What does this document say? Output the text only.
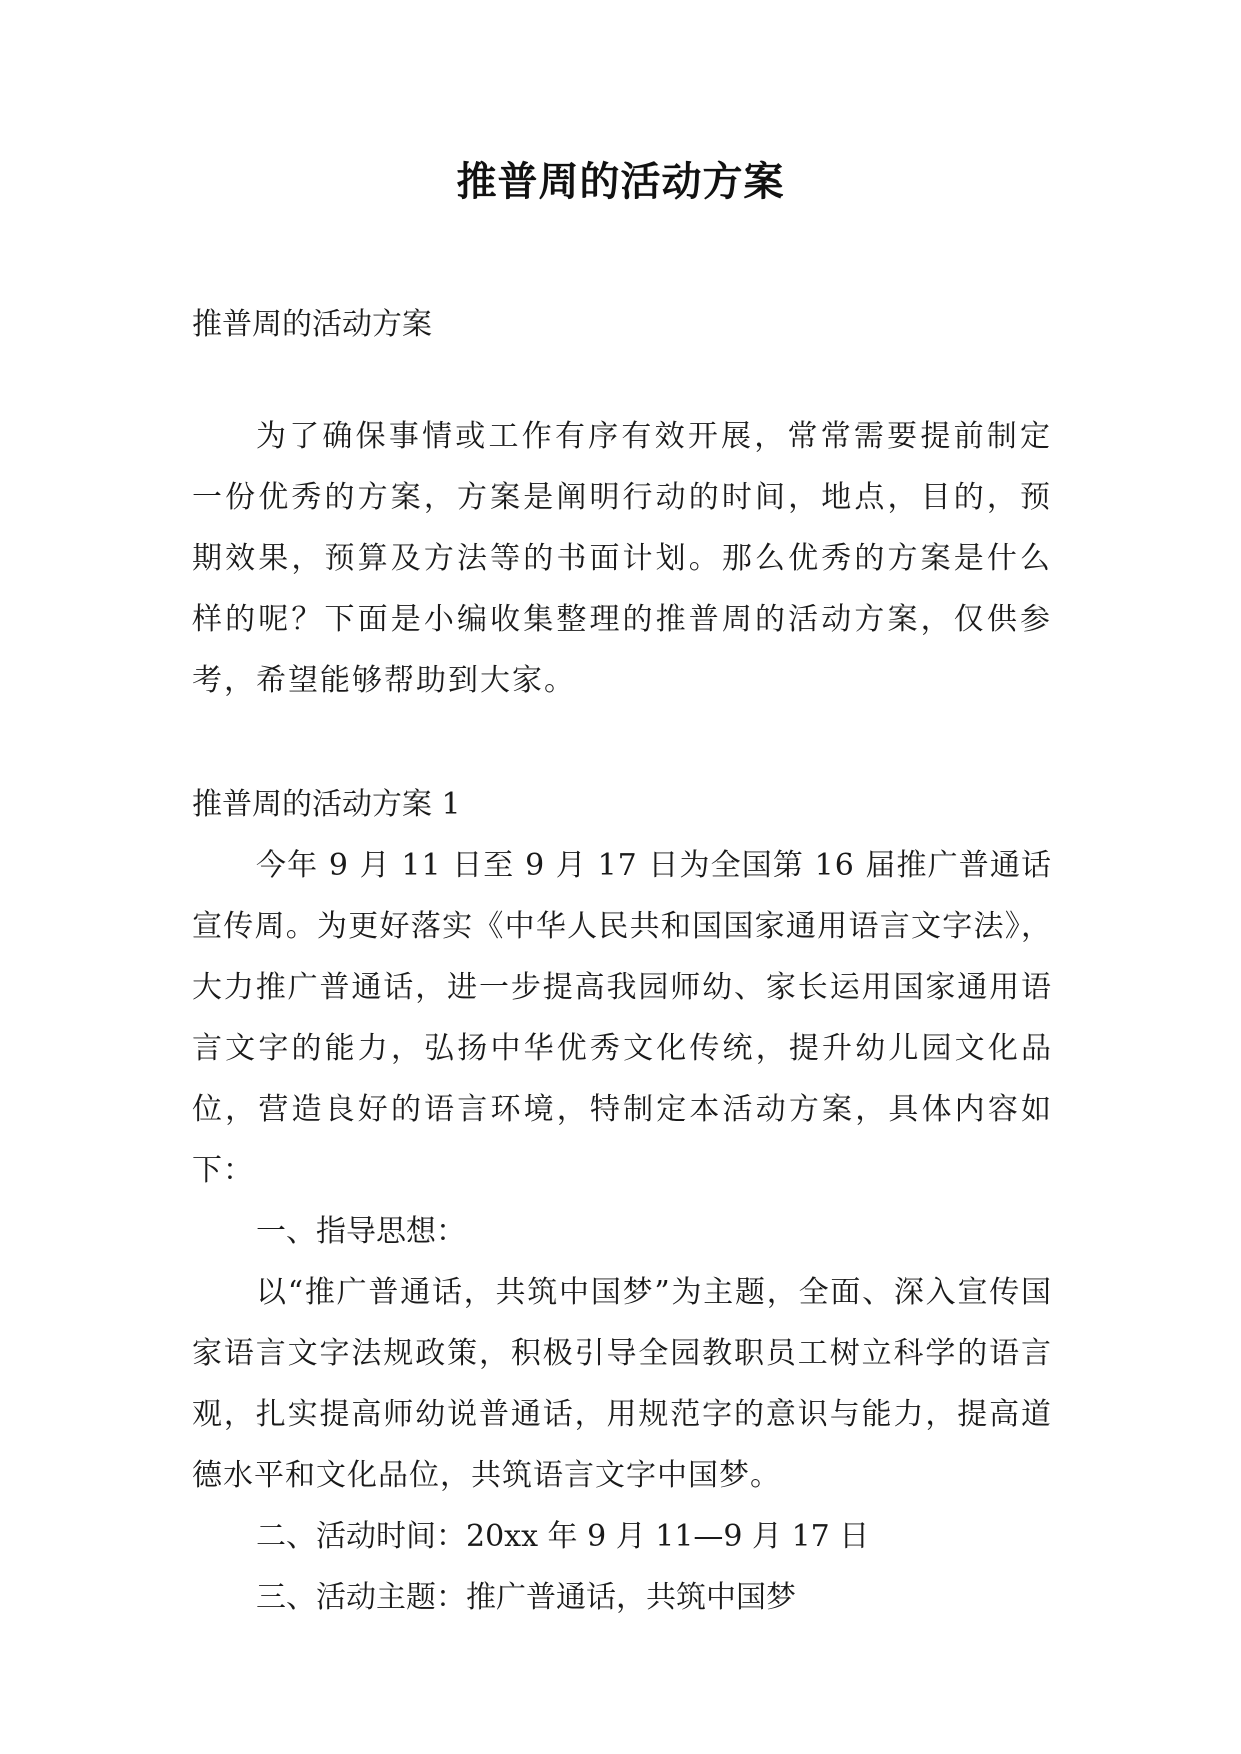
推普周的活动方案

推普周的活动方案

为了确保事情或工作有序有效开展，常常需要提前制定一份优秀的方案，方案是阐明行动的时间，地点，目的，预期效果，预算及方法等的书面计划。那么优秀的方案是什么样的呢？下面是小编收集整理的推普周的活动方案，仅供参考，希望能够帮助到大家。

推普周的活动方案 1

今年 9 月 11 日至 9 月 17 日为全国第 16 届推广普通话宣传周。为更好落实《中华人民共和国国家通用语言文字法》，大力推广普通话，进一步提高我园师幼、家长运用国家通用语言文字的能力，弘扬中华优秀文化传统，提升幼儿园文化品位，营造良好的语言环境，特制定本活动方案，具体内容如下：

一、指导思想：

以“推广普通话，共筑中国梦”为主题，全面、深入宣传国家语言文字法规政策，积极引导全园教职员工树立科学的语言观，扎实提高师幼说普通话，用规范字的意识与能力，提高道德水平和文化品位，共筑语言文字中国梦。

二、活动时间：20xx 年 9 月 11—9 月 17 日

三、活动主题：推广普通话，共筑中国梦
